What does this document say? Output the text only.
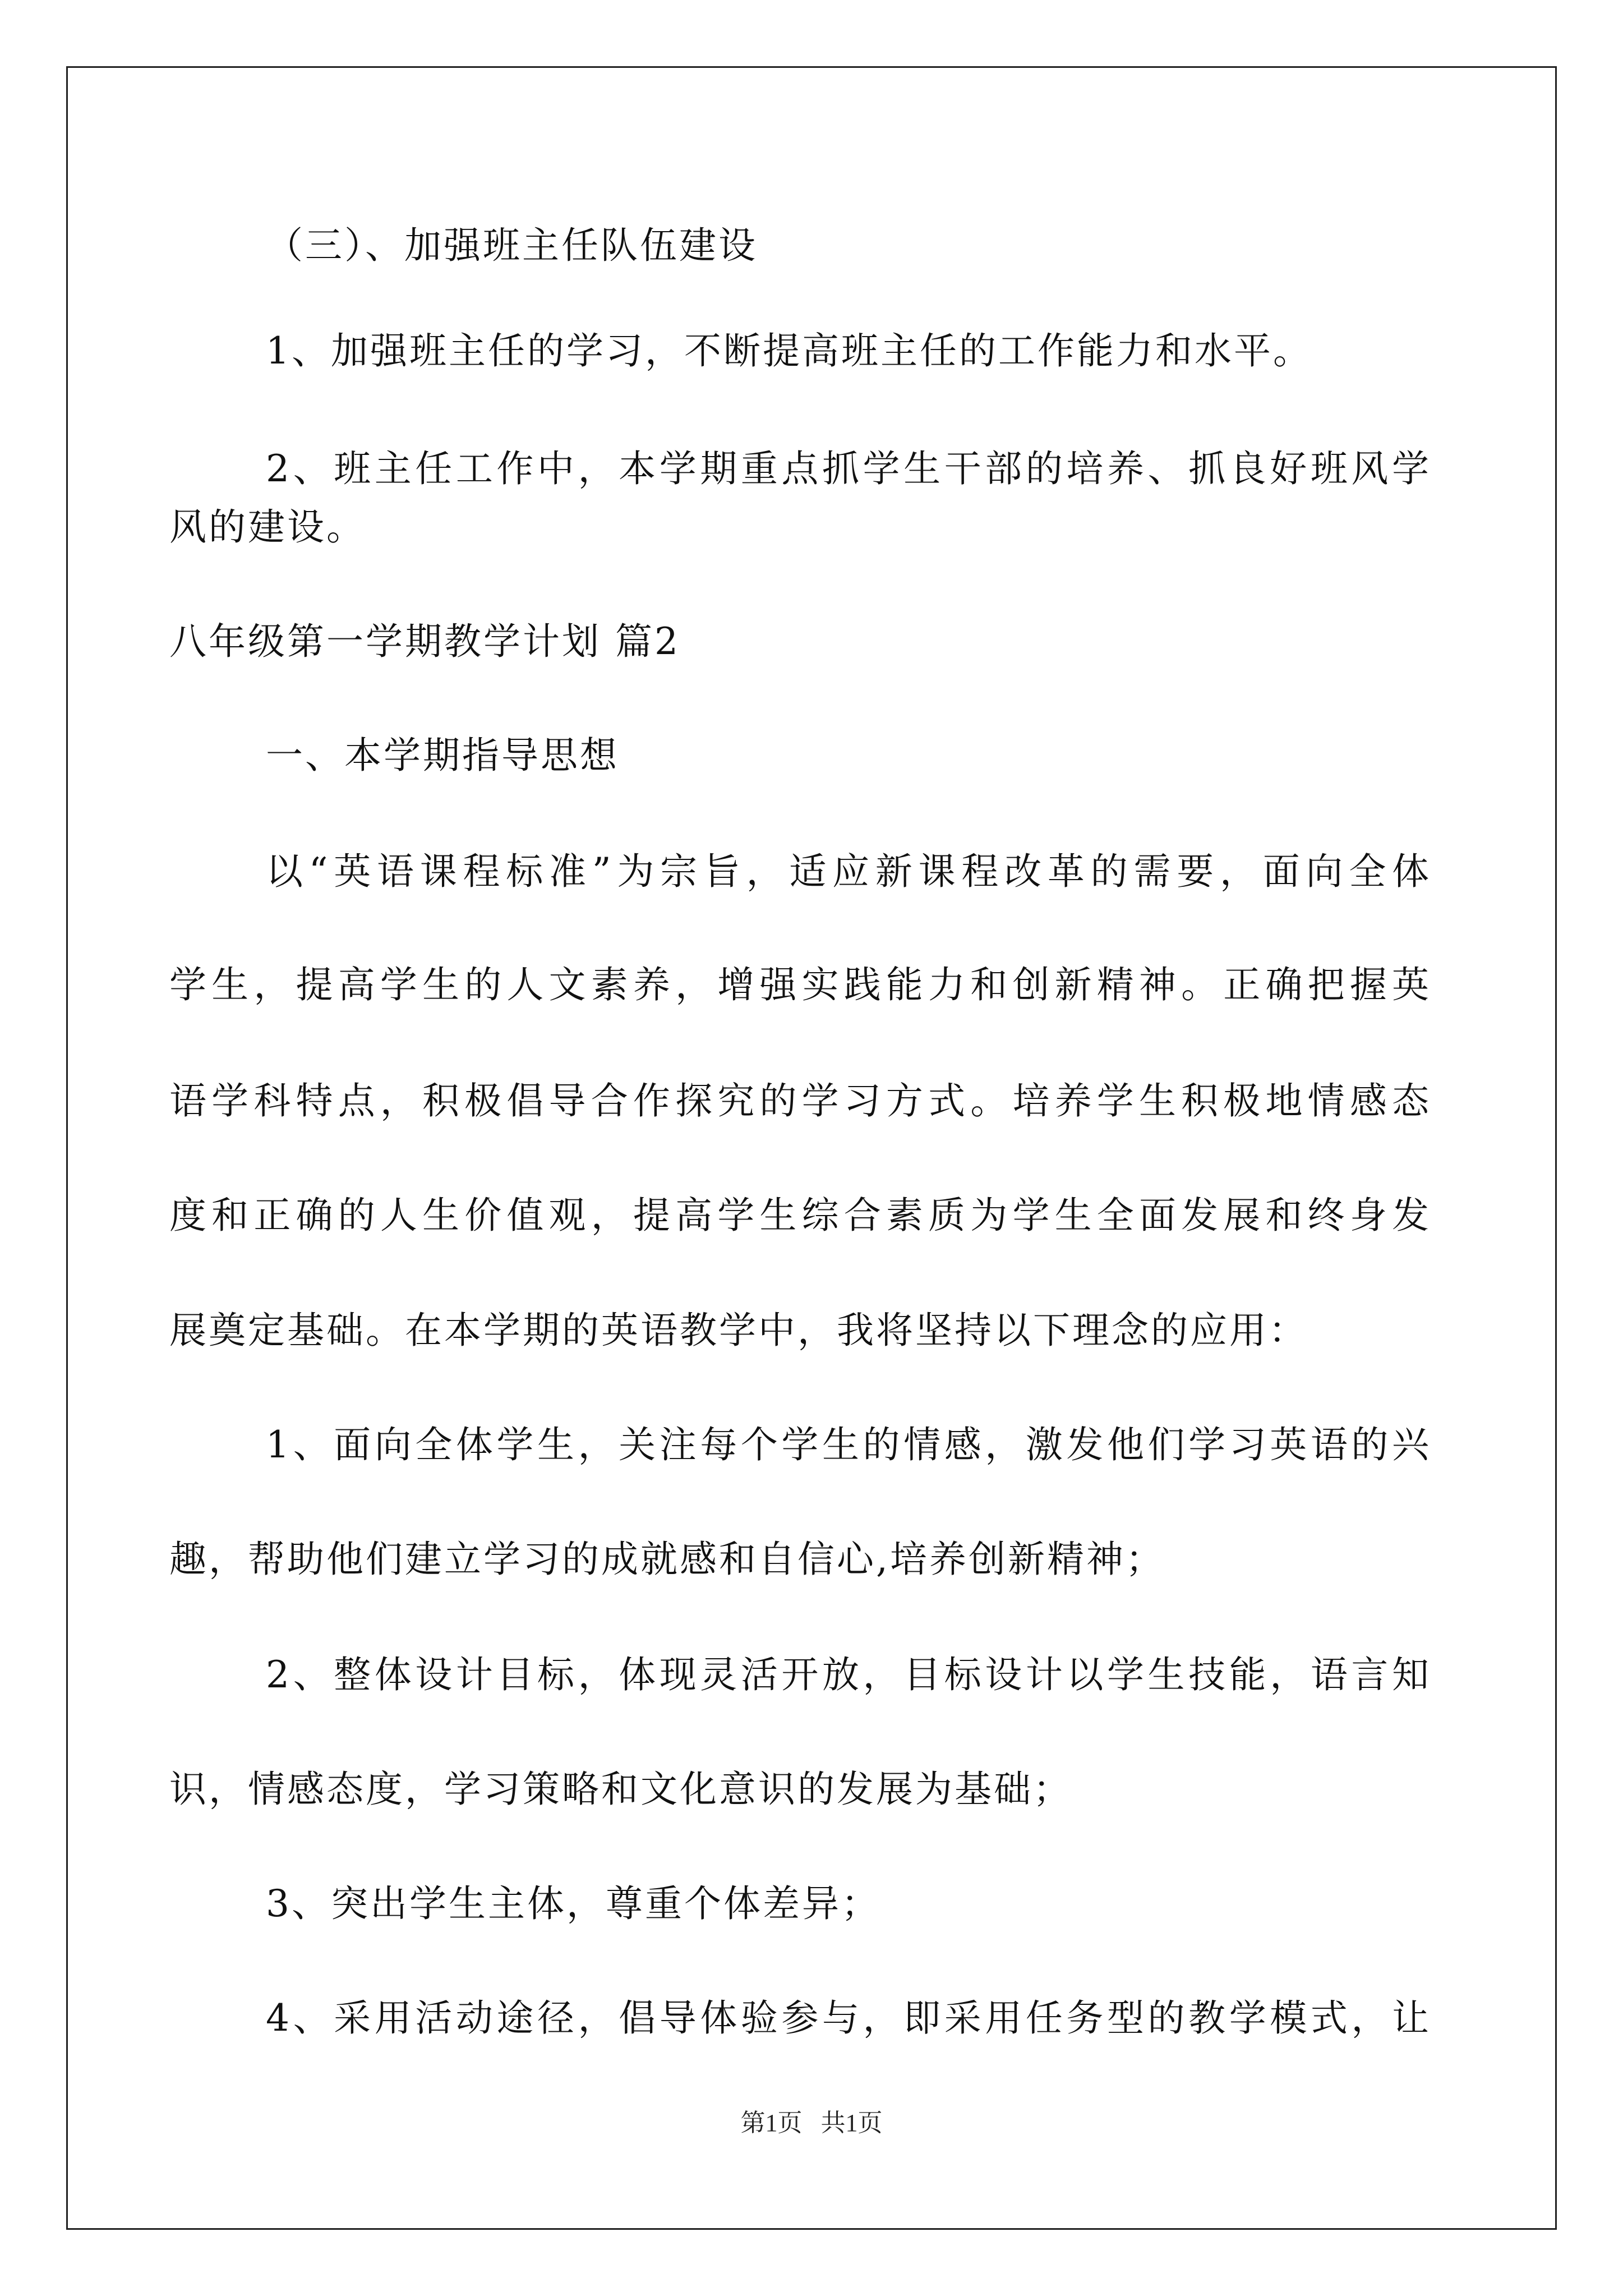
（三）、加强班主任队伍建设
1、加强班主任的学习，不断提高班主任的工作能力和水平。
2、班主任工作中，本学期重点抓学生干部的培养、抓良好班风学
风的建设。
八年级第一学期教学计划 篇2
一、本学期指导思想
以“英语课程标准”为宗旨，适应新课程改革的需要，面向全体
学生，提高学生的人文素养，增强实践能力和创新精神。正确把握英
语学科特点，积极倡导合作探究的学习方式。培养学生积极地情感态
度和正确的人生价值观，提高学生综合素质为学生全面发展和终身发
展奠定基础。在本学期的英语教学中，我将坚持以下理念的应用：
1、面向全体学生，关注每个学生的情感，激发他们学习英语的兴
趣，帮助他们建立学习的成就感和自信心,培养创新精神；
2、整体设计目标，体现灵活开放，目标设计以学生技能，语言知
识，情感态度，学习策略和文化意识的发展为基础；
3、突出学生主体，尊重个体差异；
4、采用活动途径，倡导体验参与，即采用任务型的教学模式，让
第1页 共1页
